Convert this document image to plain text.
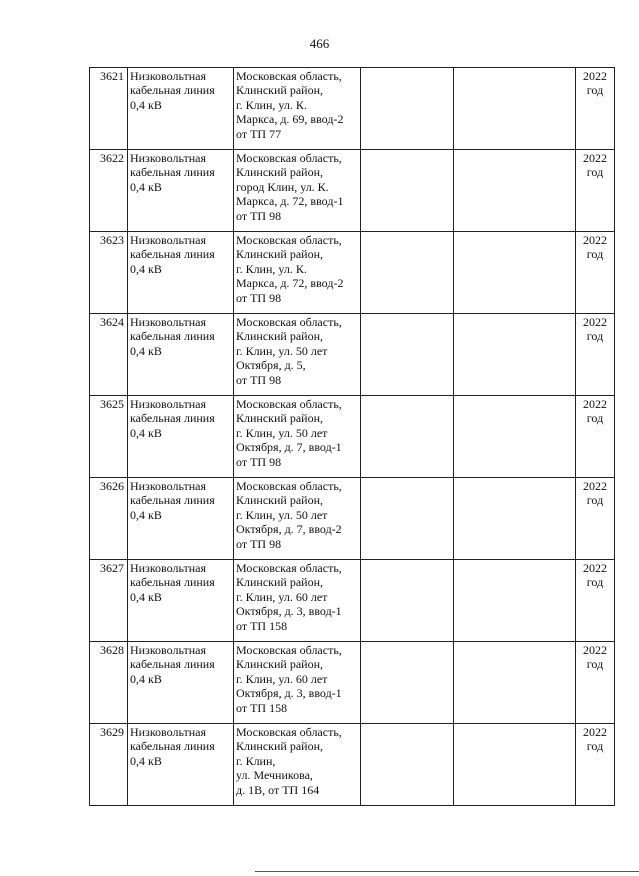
466
3621	Низковольтная
кабельная линия
0,4 кВ	Московская область,
Клинский район,
г. Клин, ул. К.
Маркса, д. 69, ввод-2
от ТП 77			2022
год

3622	Низковольтная
кабельная линия
0,4 кВ	Московская область,
Клинский район,
город Клин, ул. К.
Маркса, д. 72, ввод-1
от ТП 98			2022
год

3623	Низковольтная
кабельная линия
0,4 кВ	Московская область,
Клинский район,
г. Клин, ул. К.
Маркса, д. 72, ввод-2
от ТП 98			2022
год

3624	Низковольтная
кабельная линия
0,4 кВ	Московская область,
Клинский район,
г. Клин, ул. 50 лет
Октября, д. 5,
от ТП 98			2022
год

3625	Низковольтная
кабельная линия
0,4 кВ	Московская область,
Клинский район,
г. Клин, ул. 50 лет
Октября, д. 7, ввод-1
от ТП 98			2022
год

3626	Низковольтная
кабельная линия
0,4 кВ	Московская область,
Клинский район,
г. Клин, ул. 50 лет
Октября, д. 7, ввод-2
от ТП 98			2022
год

3627	Низковольтная
кабельная линия
0,4 кВ	Московская область,
Клинский район,
г. Клин, ул. 60 лет
Октября, д. 3, ввод-1
от ТП 158			2022
год

3628	Низковольтная
кабельная линия
0,4 кВ	Московская область,
Клинский район,
г. Клин, ул. 60 лет
Октября, д. 3, ввод-1
от ТП 158			2022
год

3629	Низковольтная
кабельная линия
0,4 кВ	Московская область,
Клинский район,
г. Клин,
ул. Мечникова,
д. 1В, от ТП 164			2022
год
